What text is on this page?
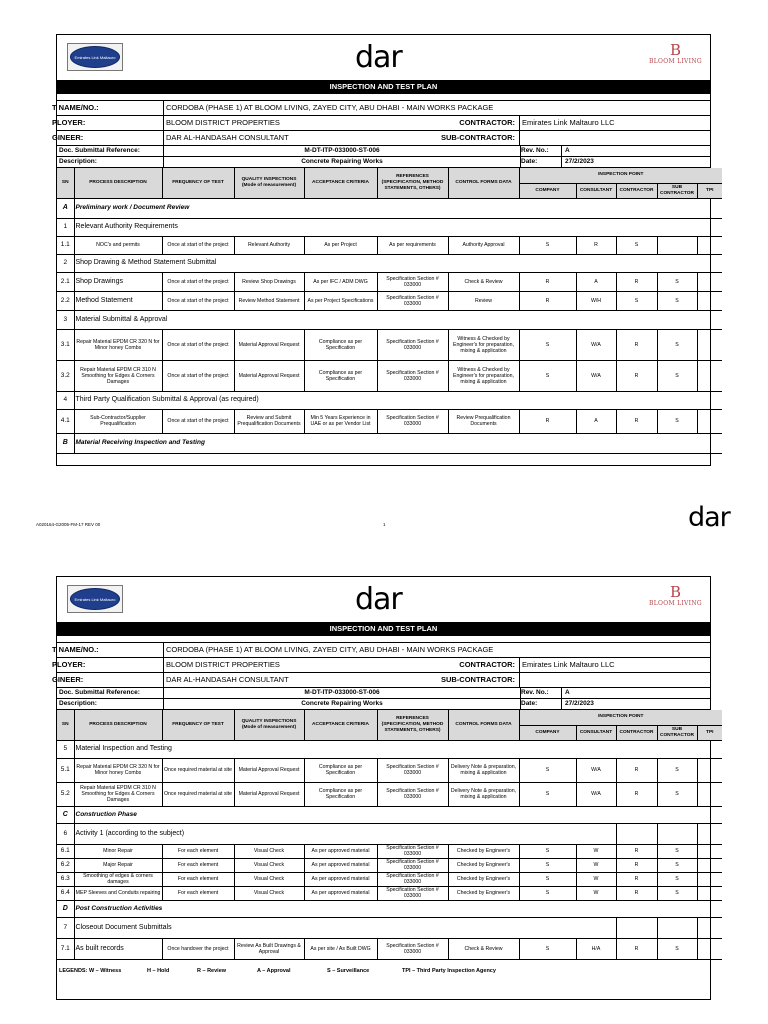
Emirates Link Maltauro	dar	B
BLOOM LIVING
INSPECTION AND TEST PLAN
T NAME/NO.:	CORDOBA (PHASE 1) AT BLOOM LIVING, ZAYED CITY, ABU DHABI - MAIN WORKS PACKAGE
PLOYER:	BLOOM DISTRICT PROPERTIES	CONTRACTOR: Emirates Link Maltauro LLC
GINEER:	DAR AL-HANDASAH CONSULTANT	SUB-CONTRACTOR:
Doc. Submittal Reference:	M-DT-ITP-033000-ST-006	Rev. No.:	A
Description:	Concrete Repairing Works	Date:	27/2/2023
SN	PROCESS DESCRIPTION	FREQUENCY OF TEST	QUALITY INSPECTIONS (Mode of measurement)	ACCEPTANCE CRITERIA	REFERENCES (SPECIFICATION, METHOD STATEMENTS, OTHERS)	CONTROL FORMS DATA	INSPECTION POINT				
							COMPANY	CONSULTANT	CONTRACTOR	SUB CONTRACTOR	TPI
A	Preliminary work / Document Review										
1	Relevant Authority Requirements										
1.1	NOC's and permits	Once at start of the project	Relevant Authority	As per Project	As per requirements	Authority Approval	S	R	S		
2	Shop Drawing & Method Statement Submittal										
2.1	Shop Drawings	Once at start of the project	Review Shop Drawings	As per IFC / ADM DWG	Specification Section # 033000	Check & Review	R	A	R	S	
2.2	Method Statement	Once at start of the project	Review Method Statement	As per Project Specifications	Specification Section # 033000	Review	R	W/H	S	S	
3	Material Submittal & Approval										
3.1	Repair Material EPDM CR 320 N for Minor honey Combs	Once at start of the project	Material Approval Request	Compliance as per Specification	Specification Section # 033000	Witness & Checked by Engineer's for preparation, mixing & application	S	W/A	R	S	
3.2	Repair Material EPDM CR 310 N Smoothing for Edges & Corners Damages	Once at start of the project	Material Approval Request	Compliance as per Specification	Specification Section # 033000	Witness & Checked by Engineer's for preparation, mixing & application	S	W/A	R	S	
4	Third Party Qualification Submittal & Approval (as required)										
4.1	Sub-Contractor/Supplier Prequalification	Once at start of the project	Review and Submit Prequalification Documents	Min 5 Years Experience in UAE or as per Vendor List	Specification Section # 033000	Review Prequalification Documents	R	A	R	S	
B	Material Receiving Inspection and Testing										
A020164-G2005-FM-17 REV 00	1	dar
Emirates Link Maltauro	dar	B
BLOOM LIVING
INSPECTION AND TEST PLAN
T NAME/NO.:	CORDOBA (PHASE 1) AT BLOOM LIVING, ZAYED CITY, ABU DHABI - MAIN WORKS PACKAGE
PLOYER:	BLOOM DISTRICT PROPERTIES	CONTRACTOR: Emirates Link Maltauro LLC
GINEER:	DAR AL-HANDASAH CONSULTANT	SUB-CONTRACTOR:
Doc. Submittal Reference:	M-DT-ITP-033000-ST-006	Rev. No.:	A
Description:	Concrete Repairing Works	Date:	27/2/2023
SN	PROCESS DESCRIPTION	FREQUENCY OF TEST	QUALITY INSPECTIONS (Mode of measurement)	ACCEPTANCE CRITERIA	REFERENCES (SPECIFICATION, METHOD STATEMENTS, OTHERS)	CONTROL FORMS DATA	INSPECTION POINT				
							COMPANY	CONSULTANT	CONTRACTOR	SUB CONTRACTOR	TPI
5	Material Inspection and Testing										
5.1	Repair Material EPDM CR 320 N for Minor honey Combs	Once required material at site	Material Approval Request	Compliance as per Specification	Specification Section # 033000	Delivery Note & preparation, mixing & application	S	W/A	R	S	
5.2	Repair Material EPDM CR 310 N Smoothing for Edges & Corners Damages	Once required material at site	Material Approval Request	Compliance as per Specification	Specification Section # 033000	Delivery Note & preparation, mixing & application	S	W/A	R	S	
C	Construction Phase										
6	Activity 1 (according to the subject)										
6.1	Minor Repair	For each element	Visual Check	As per approved material	Specification Section # 033000	Checked by Engineer's	S	W	R	S	
6.2	Major Repair	For each element	Visual Check	As per approved material	Specification Section # 033000	Checked by Engineer's	S	W	R	S	
6.3	Smoothing of edges & corners damages	For each element	Visual Check	As per approved material	Specification Section # 033000	Checked by Engineer's	S	W	R	S	
6.4	MEP Sleeves and Conduits repairing	For each element	Visual Check	As per approved material	Specification Section # 033000	Checked by Engineer's	S	W	R	S	
D	Post Construction Activities										
7	Closeout Document Submittals										
7.1	As built records	Once handover the project	Review As Built Drawings & Approval	As per site / As Built DWG	Specification Section # 033000	Check & Review	S	H/A	R	S	
LEGENDS: W – Witness	H – Hold	R – Review	A – Approval	S – Surveillance	TPI – Third Party Inspection Agency
